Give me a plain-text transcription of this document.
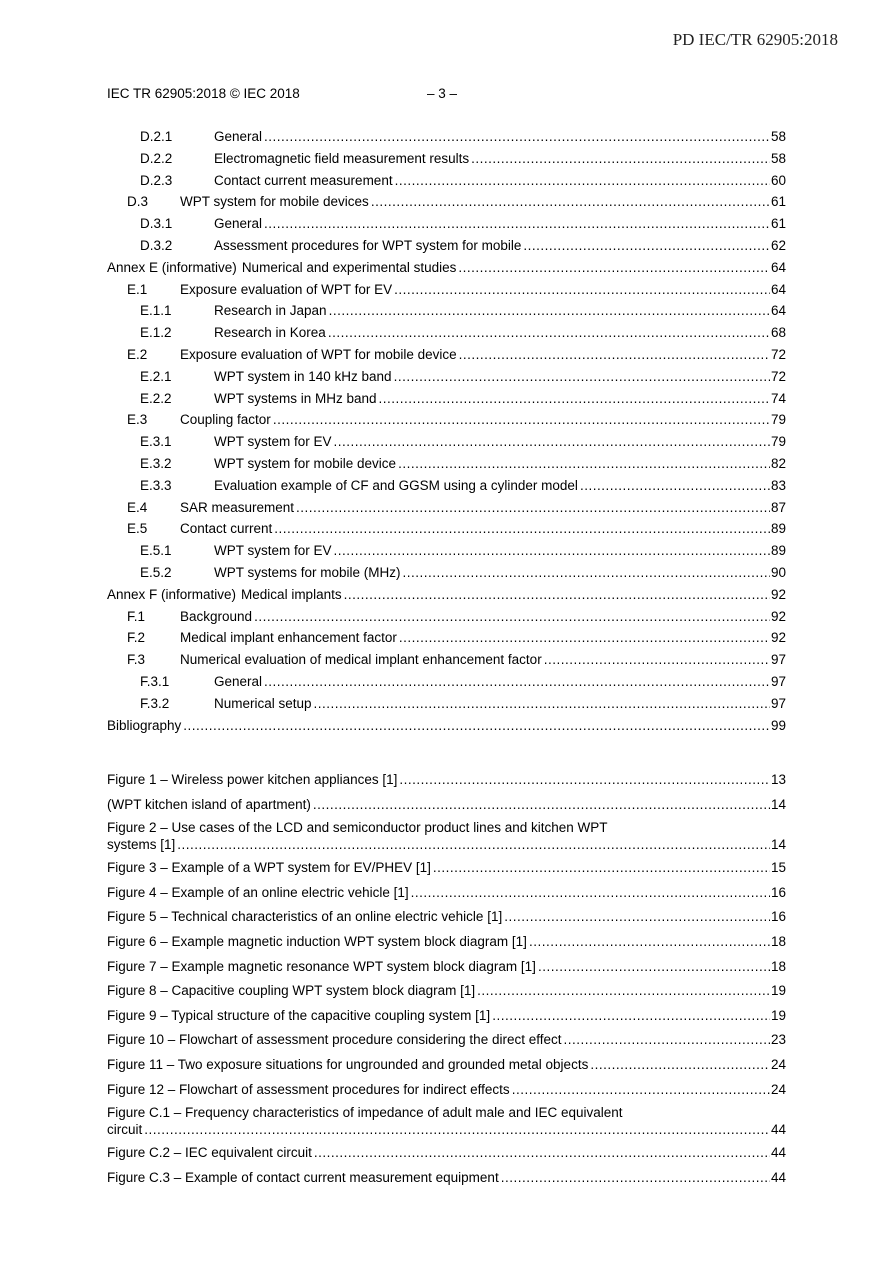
PD IEC/TR 62905:2018
IEC TR 62905:2018 © IEC 2018	– 3 –
D.2.1	General .....	58
D.2.2	Electromagnetic field measurement results .....	58
D.2.3	Contact current measurement .....	60
D.3	WPT system for mobile devices .....	61
D.3.1	General .....	61
D.3.2	Assessment procedures for WPT system for mobile .....	62
Annex E (informative) Numerical and experimental studies .....	64
E.1	Exposure evaluation of WPT for EV .....	64
E.1.1	Research in Japan .....	64
E.1.2	Research in Korea .....	68
E.2	Exposure evaluation of WPT for mobile device .....	72
E.2.1	WPT system in 140 kHz band .....	72
E.2.2	WPT systems in MHz band .....	74
E.3	Coupling factor .....	79
E.3.1	WPT system for EV .....	79
E.3.2	WPT system for mobile device .....	82
E.3.3	Evaluation example of CF and GGSM using a cylinder model .....	83
E.4	SAR measurement .....	87
E.5	Contact current .....	89
E.5.1	WPT system for EV .....	89
E.5.2	WPT systems for mobile (MHz) .....	90
Annex F (informative) Medical implants .....	92
F.1	Background .....	92
F.2	Medical implant enhancement factor .....	92
F.3	Numerical evaluation of medical implant enhancement factor .....	97
F.3.1	General .....	97
F.3.2	Numerical setup .....	97
Bibliography .....	99
Figure 1 – Wireless power kitchen appliances [1] .....	13
(WPT kitchen island of apartment) .....	14
Figure 2 – Use cases of the LCD and semiconductor product lines and kitchen WPT
systems [1] .....	14
Figure 3 – Example of a WPT system for EV/PHEV [1] .....	15
Figure 4 – Example of an online electric vehicle [1] .....	16
Figure 5 – Technical characteristics of an online electric vehicle [1] .....	16
Figure 6 – Example magnetic induction WPT system block diagram [1] .....	18
Figure 7 – Example magnetic resonance WPT system block diagram [1] .....	18
Figure 8 – Capacitive coupling WPT system block diagram [1] .....	19
Figure 9 – Typical structure of the capacitive coupling system [1] .....	19
Figure 10 – Flowchart of assessment procedure considering the direct effect .....	23
Figure 11 – Two exposure situations for ungrounded and grounded metal objects .....	24
Figure 12 – Flowchart of assessment procedures for indirect effects .....	24
Figure C.1 – Frequency characteristics of impedance of adult male and IEC equivalent
circuit .....	44
Figure C.2 – IEC equivalent circuit .....	44
Figure C.3 – Example of contact current measurement equipment .....	44
